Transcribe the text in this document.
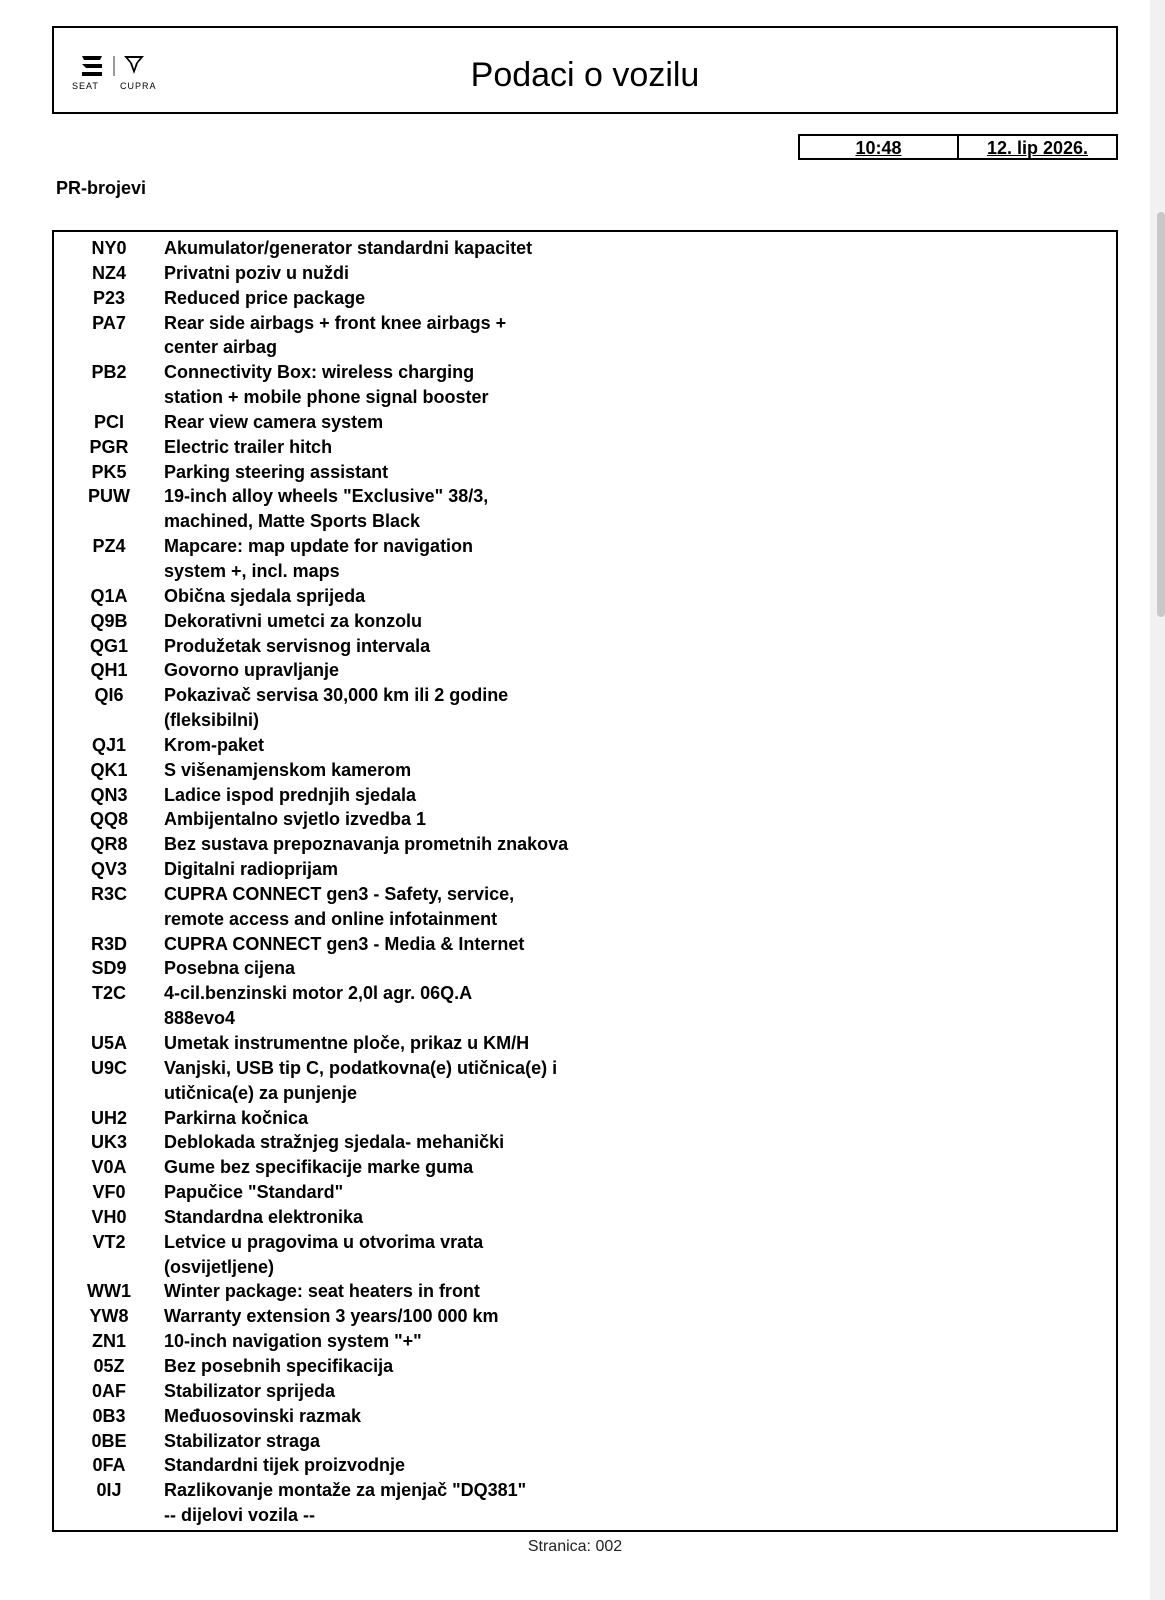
SEAT CUPRA	Podaci o vozilu
10:48	12. lip 2026.
PR-brojevi
NY0	Akumulator/generator standardni kapacitet
NZ4	Privatni poziv u nuždi
P23	Reduced price package
PA7	Rear side airbags + front knee airbags +
center airbag
PB2	Connectivity Box: wireless charging
station + mobile phone signal booster
PCI	Rear view camera system
PGR	Electric trailer hitch
PK5	Parking steering assistant
PUW	19-inch alloy wheels "Exclusive" 38/3,
machined, Matte Sports Black
PZ4	Mapcare: map update for navigation
system +, incl. maps
Q1A	Obična sjedala sprijeda
Q9B	Dekorativni umetci za konzolu
QG1	Produžetak servisnog intervala
QH1	Govorno upravljanje
QI6	Pokazivač servisa 30,000 km ili 2 godine
(fleksibilni)
QJ1	Krom-paket
QK1	S višenamjenskom kamerom
QN3	Ladice ispod prednjih sjedala
QQ8	Ambijentalno svjetlo izvedba 1
QR8	Bez sustava prepoznavanja prometnih znakova
QV3	Digitalni radioprijam
R3C	CUPRA CONNECT gen3 - Safety, service,
remote access and online infotainment
R3D	CUPRA CONNECT gen3 - Media & Internet
SD9	Posebna cijena
T2C	4-cil.benzinski motor 2,0l agr. 06Q.A
888evo4
U5A	Umetak instrumentne ploče, prikaz u KM/H
U9C	Vanjski, USB tip C, podatkovna(e) utičnica(e) i
utičnica(e) za punjenje
UH2	Parkirna kočnica
UK3	Deblokada stražnjeg sjedala- mehanički
V0A	Gume bez specifikacije marke guma
VF0	Papučice "Standard"
VH0	Standardna elektronika
VT2	Letvice u pragovima u otvorima vrata
(osvijetljene)
WW1	Winter package: seat heaters in front
YW8	Warranty extension 3 years/100 000 km
ZN1	10-inch navigation system "+"
05Z	Bez posebnih specifikacija
0AF	Stabilizator sprijeda
0B3	Međuosovinski razmak
0BE	Stabilizator straga
0FA	Standardni tijek proizvodnje
0IJ	Razlikovanje montaže za mjenjač "DQ381"
-- dijelovi vozila --
Stranica: 002
